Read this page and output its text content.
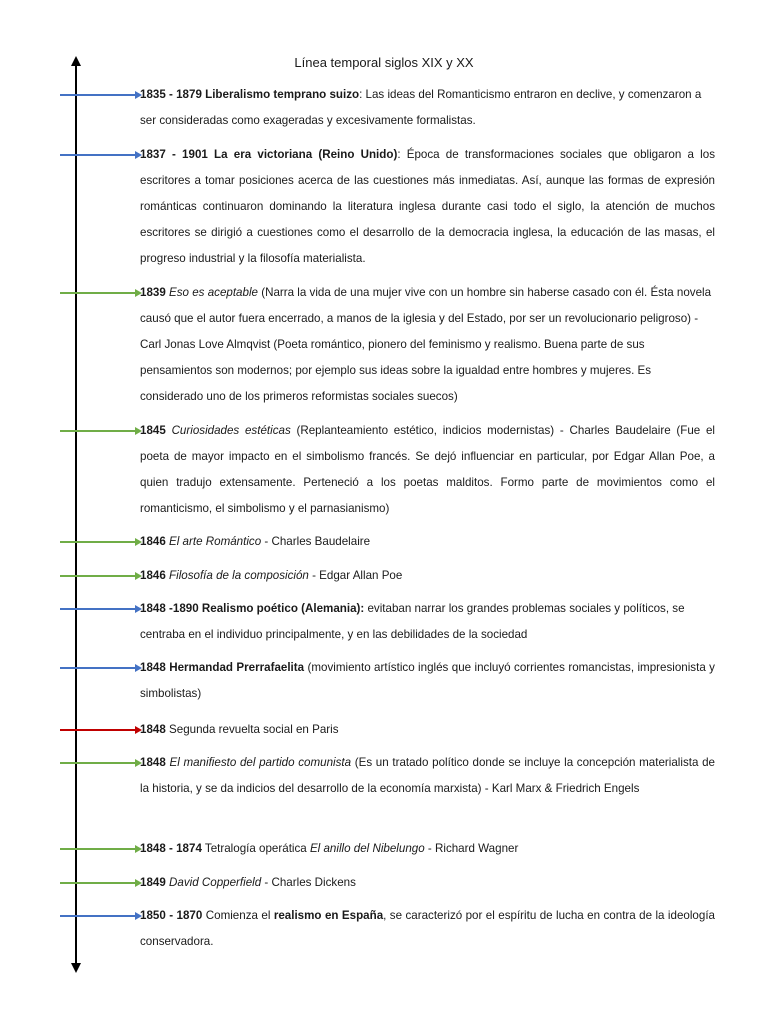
Línea temporal siglos XIX y XX
1835 - 1879 Liberalismo temprano suizo: Las ideas del Romanticismo entraron en declive, y comenzaron a ser consideradas como exageradas y excesivamente formalistas.
1837 - 1901 La era victoriana (Reino Unido): Época de transformaciones sociales que obligaron a los escritores a tomar posiciones acerca de las cuestiones más inmediatas. Así, aunque las formas de expresión románticas continuaron dominando la literatura inglesa durante casi todo el siglo, la atención de muchos escritores se dirigió a cuestiones como el desarrollo de la democracia inglesa, la educación de las masas, el progreso industrial y la filosofía materialista.
1839 Eso es aceptable (Narra la vida de una mujer vive con un hombre sin haberse casado con él. Ésta novela causó que el autor fuera encerrado, a manos de la iglesia y del Estado, por ser un revolucionario peligroso) - Carl Jonas Love Almqvist (Poeta romántico, pionero del feminismo y realismo. Buena parte de sus pensamientos son modernos; por ejemplo sus ideas sobre la igualdad entre hombres y mujeres. Es considerado uno de los primeros reformistas sociales suecos)
1845 Curiosidades estéticas (Replanteamiento estético, indicios modernistas) - Charles Baudelaire (Fue el poeta de mayor impacto en el simbolismo francés. Se dejó influenciar en particular, por Edgar Allan Poe, a quien tradujo extensamente. Perteneció a los poetas malditos. Formo parte de movimientos como el romanticismo, el simbolismo y el parnasianismo)
1846 El arte Romántico - Charles Baudelaire
1846 Filosofía de la composición - Edgar Allan Poe
1848 -1890 Realismo poético (Alemania): evitaban narrar los grandes problemas sociales y políticos, se centraba en el individuo principalmente, y en las debilidades de la sociedad
1848 Hermandad Prerrafaelita (movimiento artístico inglés que incluyó corrientes romancistas, impresionista y simbolistas)
1848 Segunda revuelta social en Paris
1848 El manifiesto del partido comunista (Es un tratado político donde se incluye la concepción materialista de la historia, y se da indicios del desarrollo de la economía marxista) - Karl Marx & Friedrich Engels
1848 - 1874 Tetralogía operática El anillo del Nibelungo - Richard Wagner
1849 David Copperfield - Charles Dickens
1850 - 1870 Comienza el realismo en España, se caracterizó por el espíritu de lucha en contra de la ideología conservadora.
